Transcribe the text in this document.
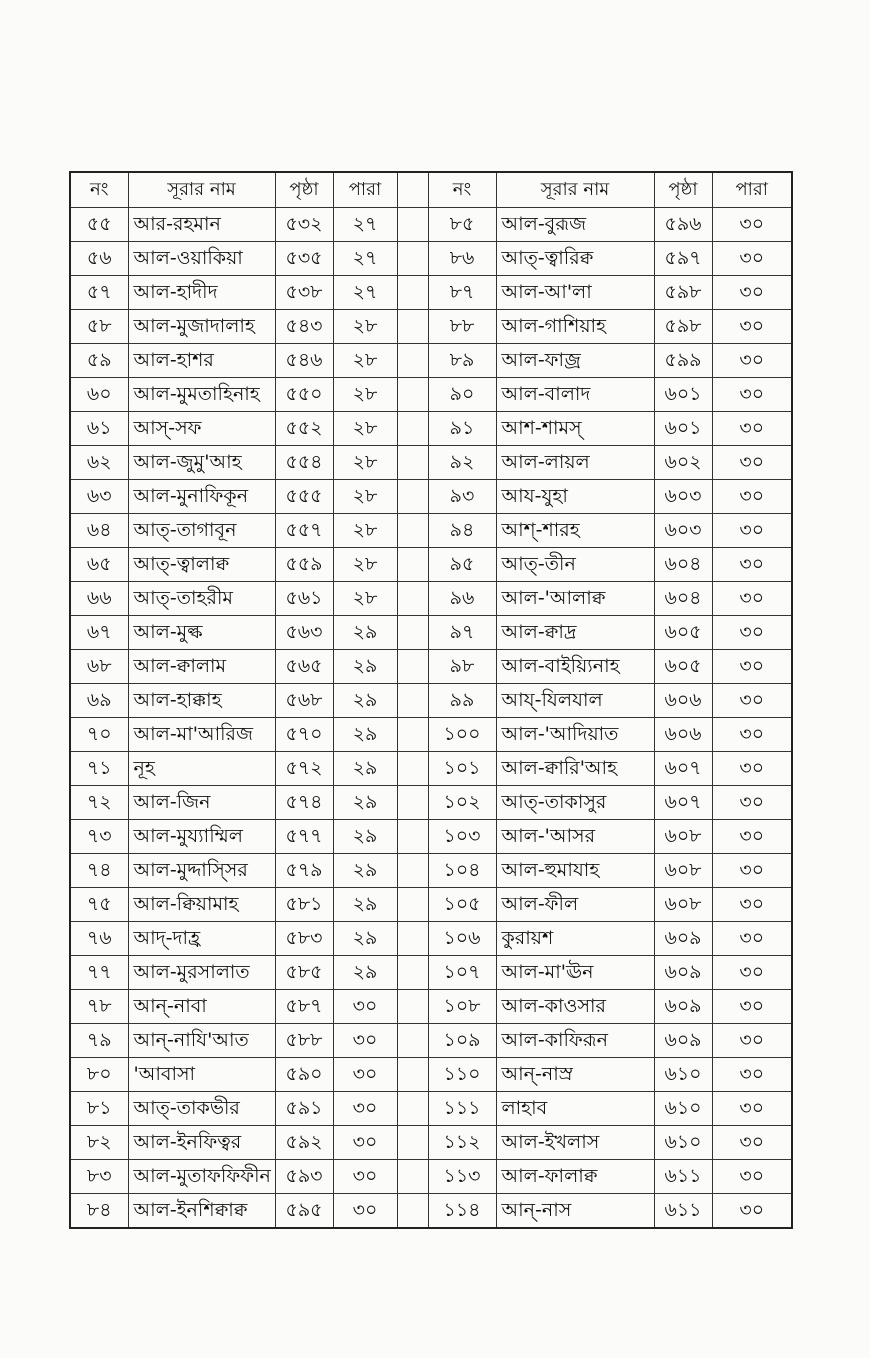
নং	সূরার নাম	পৃষ্ঠা	পারা		নং	সূরার নাম	পৃষ্ঠা	পারা
৫৫	আর-রহমান	৫৩২	২৭		৮৫	আল-বুরূজ	৫৯৬	৩০
৫৬	আল-ওয়াকিয়া	৫৩৫	২৭		৮৬	আত্-ত্বারিক্ব	৫৯৭	৩০
৫৭	আল-হাদীদ	৫৩৮	২৭		৮৭	আল-আ'লা	৫৯৮	৩০
৫৮	আল-মুজাদালাহ	৫৪৩	২৮		৮৮	আল-গাশিয়াহ	৫৯৮	৩০
৫৯	আল-হাশর	৫৪৬	২৮		৮৯	আল-ফাজ্র	৫৯৯	৩০
৬০	আল-মুমতাহিনাহ	৫৫০	২৮		৯০	আল-বালাদ	৬০১	৩০
৬১	আস্-সফ	৫৫২	২৮		৯১	আশ-শামস্	৬০১	৩০
৬২	আল-জুমু'আহ	৫৫৪	২৮		৯২	আল-লায়ল	৬০২	৩০
৬৩	আল-মুনাফিকূন	৫৫৫	২৮		৯৩	আয-যুহা	৬০৩	৩০
৬৪	আত্-তাগাবূন	৫৫৭	২৮		৯৪	আশ্-শারহ	৬০৩	৩০
৬৫	আত্-ত্বালাক্ব	৫৫৯	২৮		৯৫	আত্-তীন	৬০৪	৩০
৬৬	আত্-তাহরীম	৫৬১	২৮		৯৬	আল-'আলাক্ব	৬০৪	৩০
৬৭	আল-মুল্ক	৫৬৩	২৯		৯৭	আল-ক্বাদ্র	৬০৫	৩০
৬৮	আল-ক্বালাম	৫৬৫	২৯		৯৮	আল-বাইয়্যিনাহ	৬০৫	৩০
৬৯	আল-হাক্কাহ	৫৬৮	২৯		৯৯	আয্-যিলযাল	৬০৬	৩০
৭০	আল-মা'আরিজ	৫৭০	২৯		১০০	আল-'আদিয়াত	৬০৬	৩০
৭১	নূহ	৫৭২	২৯		১০১	আল-ক্বারি'আহ	৬০৭	৩০
৭২	আল-জিন	৫৭৪	২৯		১০২	আত্-তাকাসুর	৬০৭	৩০
৭৩	আল-মুয্যাম্মিল	৫৭৭	২৯		১০৩	আল-'আসর	৬০৮	৩০
৭৪	আল-মুদ্দাস্সির	৫৭৯	২৯		১০৪	আল-হুমাযাহ	৬০৮	৩০
৭৫	আল-ক্বিয়ামাহ	৫৮১	২৯		১০৫	আল-ফীল	৬০৮	৩০
৭৬	আদ্-দাহ্র	৫৮৩	২৯		১০৬	কুরায়শ	৬০৯	৩০
৭৭	আল-মুরসালাত	৫৮৫	২৯		১০৭	আল-মা'ঊন	৬০৯	৩০
৭৮	আন্-নাবা	৫৮৭	৩০		১০৮	আল-কাওসার	৬০৯	৩০
৭৯	আন্-নাযি'আত	৫৮৮	৩০		১০৯	আল-কাফিরূন	৬০৯	৩০
৮০	'আবাসা	৫৯০	৩০		১১০	আন্-নাস্র	৬১০	৩০
৮১	আত্-তাকভীর	৫৯১	৩০		১১১	লাহাব	৬১০	৩০
৮২	আল-ইনফিত্বর	৫৯২	৩০		১১২	আল-ইখলাস	৬১০	৩০
৮৩	আল-মুতাফফিফীন	৫৯৩	৩০		১১৩	আল-ফালাক্ব	৬১১	৩০
৮৪	আল-ইনশিক্বাক্ব	৫৯৫	৩০		১১৪	আন্-নাস	৬১১	৩০
